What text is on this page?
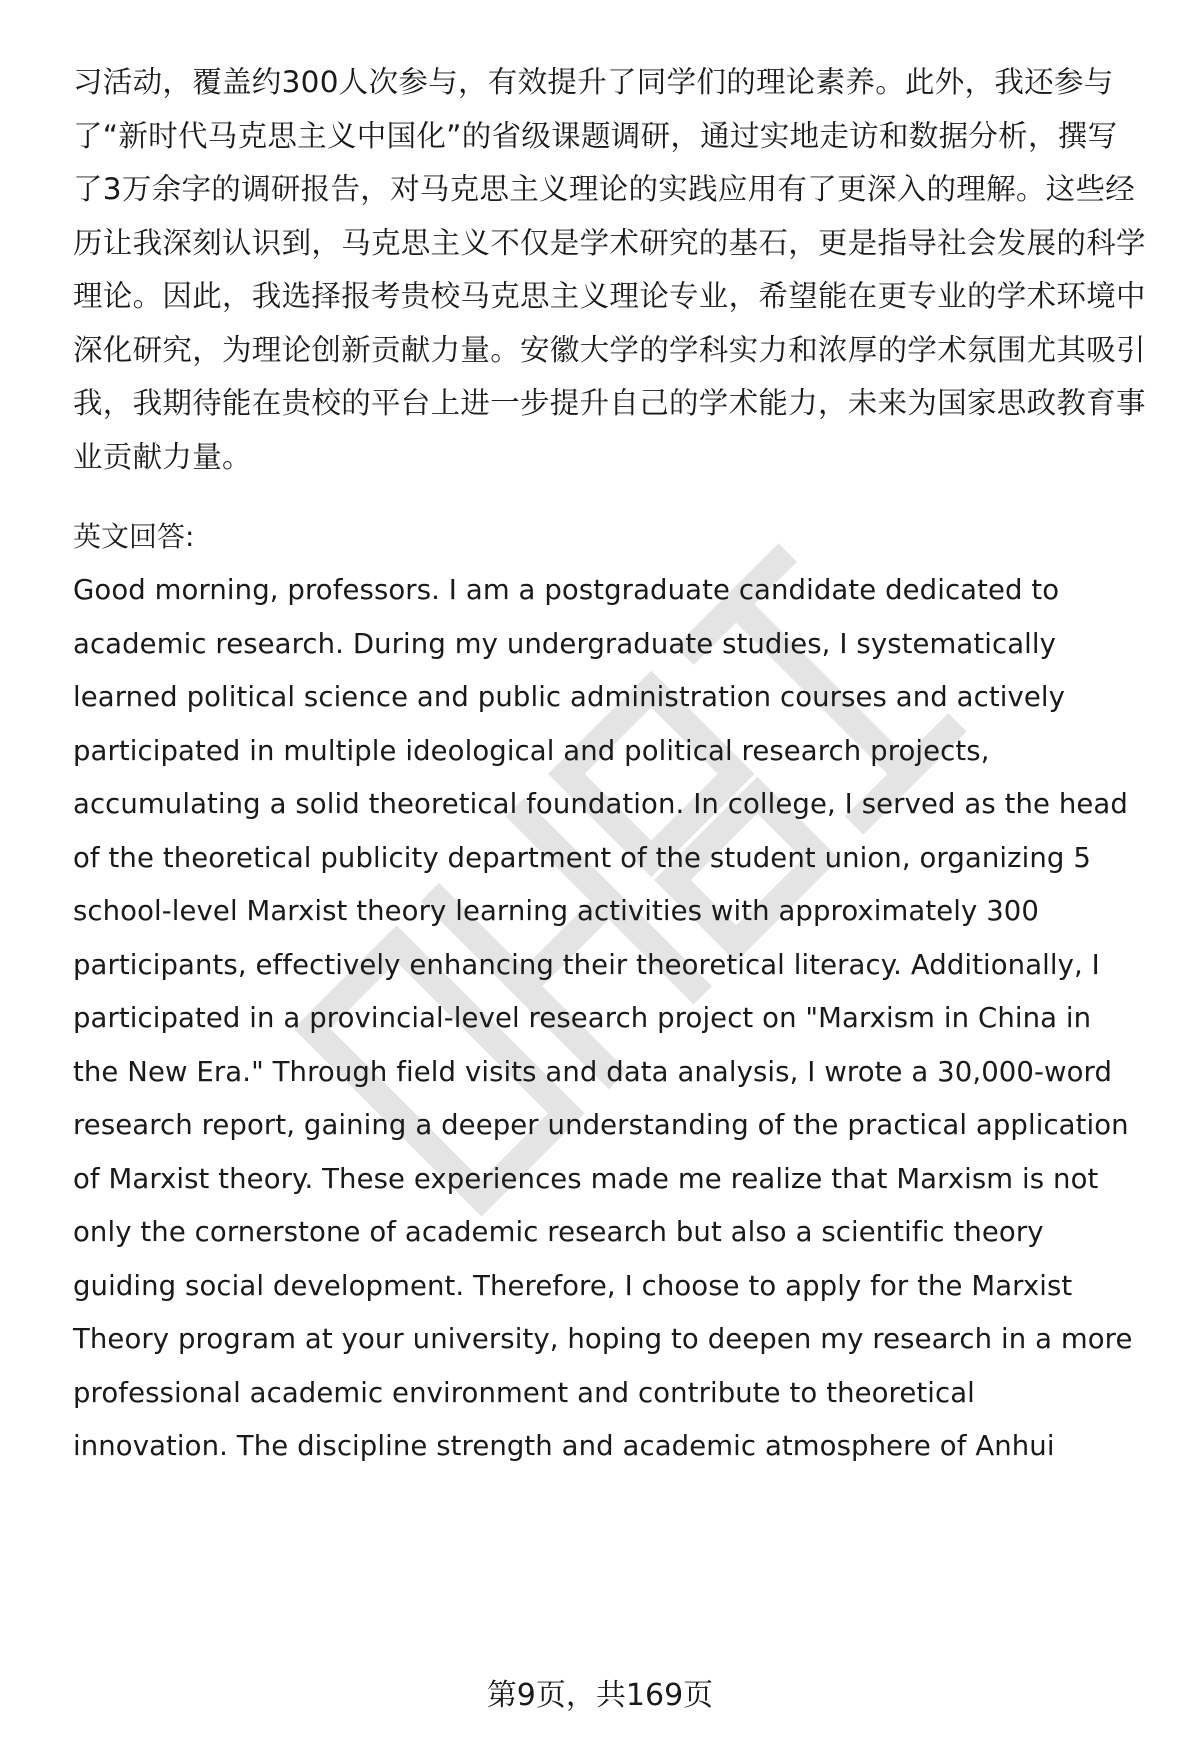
习活动，覆盖约300人次参与，有效提升了同学们的理论素养。此外，我还参与
了“新时代马克思主义中国化”的省级课题调研，通过实地走访和数据分析，撰写
了3万余字的调研报告，对马克思主义理论的实践应用有了更深入的理解。这些经
历让我深刻认识到，马克思主义不仅是学术研究的基石，更是指导社会发展的科学
理论。因此，我选择报考贵校马克思主义理论专业，希望能在更专业的学术环境中
深化研究，为理论创新贡献力量。安徽大学的学科实力和浓厚的学术氛围尤其吸引
我，我期待能在贵校的平台上进一步提升自己的学术能力，未来为国家思政教育事
业贡献力量。
英文回答:
Good morning, professors. I am a postgraduate candidate dedicated to
academic research. During my undergraduate studies, I systematically
learned political science and public administration courses and actively
participated in multiple ideological and political research projects,
accumulating a solid theoretical foundation. In college, I served as the head
of the theoretical publicity department of the student union, organizing 5
school-level Marxist theory learning activities with approximately 300
participants, effectively enhancing their theoretical literacy. Additionally, I
participated in a provincial-level research project on "Marxism in China in
the New Era." Through field visits and data analysis, I wrote a 30,000-word
research report, gaining a deeper understanding of the practical application
of Marxist theory. These experiences made me realize that Marxism is not
only the cornerstone of academic research but also a scientific theory
guiding social development. Therefore, I choose to apply for the Marxist
Theory program at your university, hoping to deepen my research in a more
professional academic environment and contribute to theoretical
innovation. The discipline strength and academic atmosphere of Anhui
第9页，共169页
